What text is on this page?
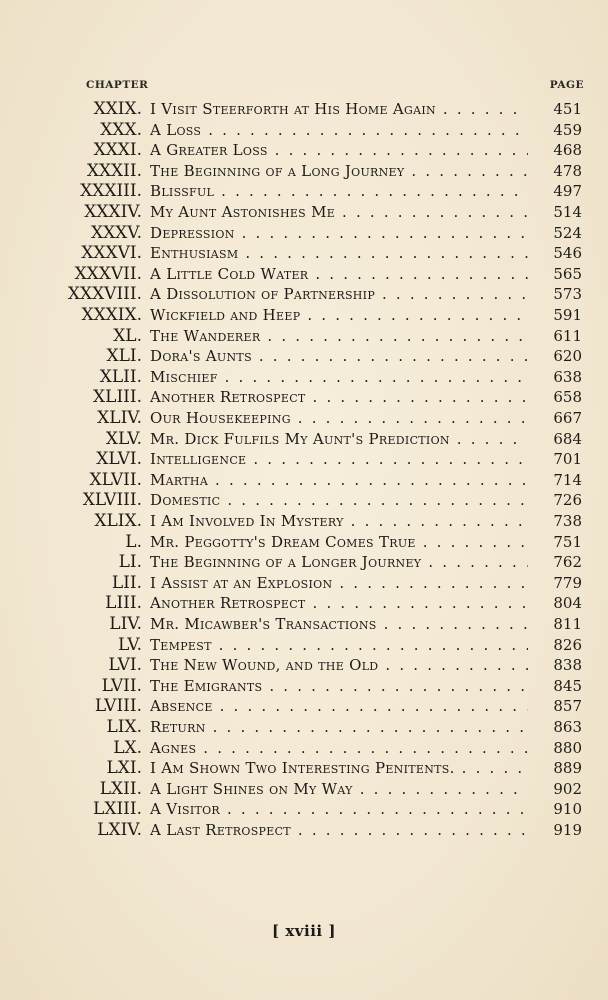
CHAPTER	PAGE
XXIX. I Visit Steerforth at His Home Again . . .	451
XXX. A Loss . . .	459
XXXI. A Greater Loss . . .	468
XXXII. The Beginning of a Long Journey . . .	478
XXXIII. Blissful . . .	497
XXXIV. My Aunt Astonishes Me . . .	514
XXXV. Depression . . .	524
XXXVI. Enthusiasm . . .	546
XXXVII. A Little Cold Water . . .	565
XXXVIII. A Dissolution of Partnership . . .	573
XXXIX. Wickfield and Heep . . .	591
XL. The Wanderer . . .	611
XLI. Dora's Aunts . . .	620
XLII. Mischief . . .	638
XLIII. Another Retrospect . . .	658
XLIV. Our Housekeeping . . .	667
XLV. Mr. Dick Fulfils My Aunt's Prediction . . .	684
XLVI. Intelligence . . .	701
XLVII. Martha . . .	714
XLVIII. Domestic . . .	726
XLIX. I Am Involved In Mystery . . .	738
L. Mr. Peggotty's Dream Comes True . . .	751
LI. The Beginning of a Longer Journey . . .	762
LII. I Assist at an Explosion . . .	779
LIII. Another Retrospect . . .	804
LIV. Mr. Micawber's Transactions . . .	811
LV. Tempest . . .	826
LVI. The New Wound, and the Old . . .	838
LVII. The Emigrants . . .	845
LVIII. Absence . . .	857
LIX. Return . . .	863
LX. Agnes . . .	880
LXI. I Am Shown Two Interesting Penitents. . . .	889
LXII. A Light Shines on My Way . . .	902
LXIII. A Visitor . . .	910
LXIV. A Last Retrospect . . .	919
[ xviii ]
